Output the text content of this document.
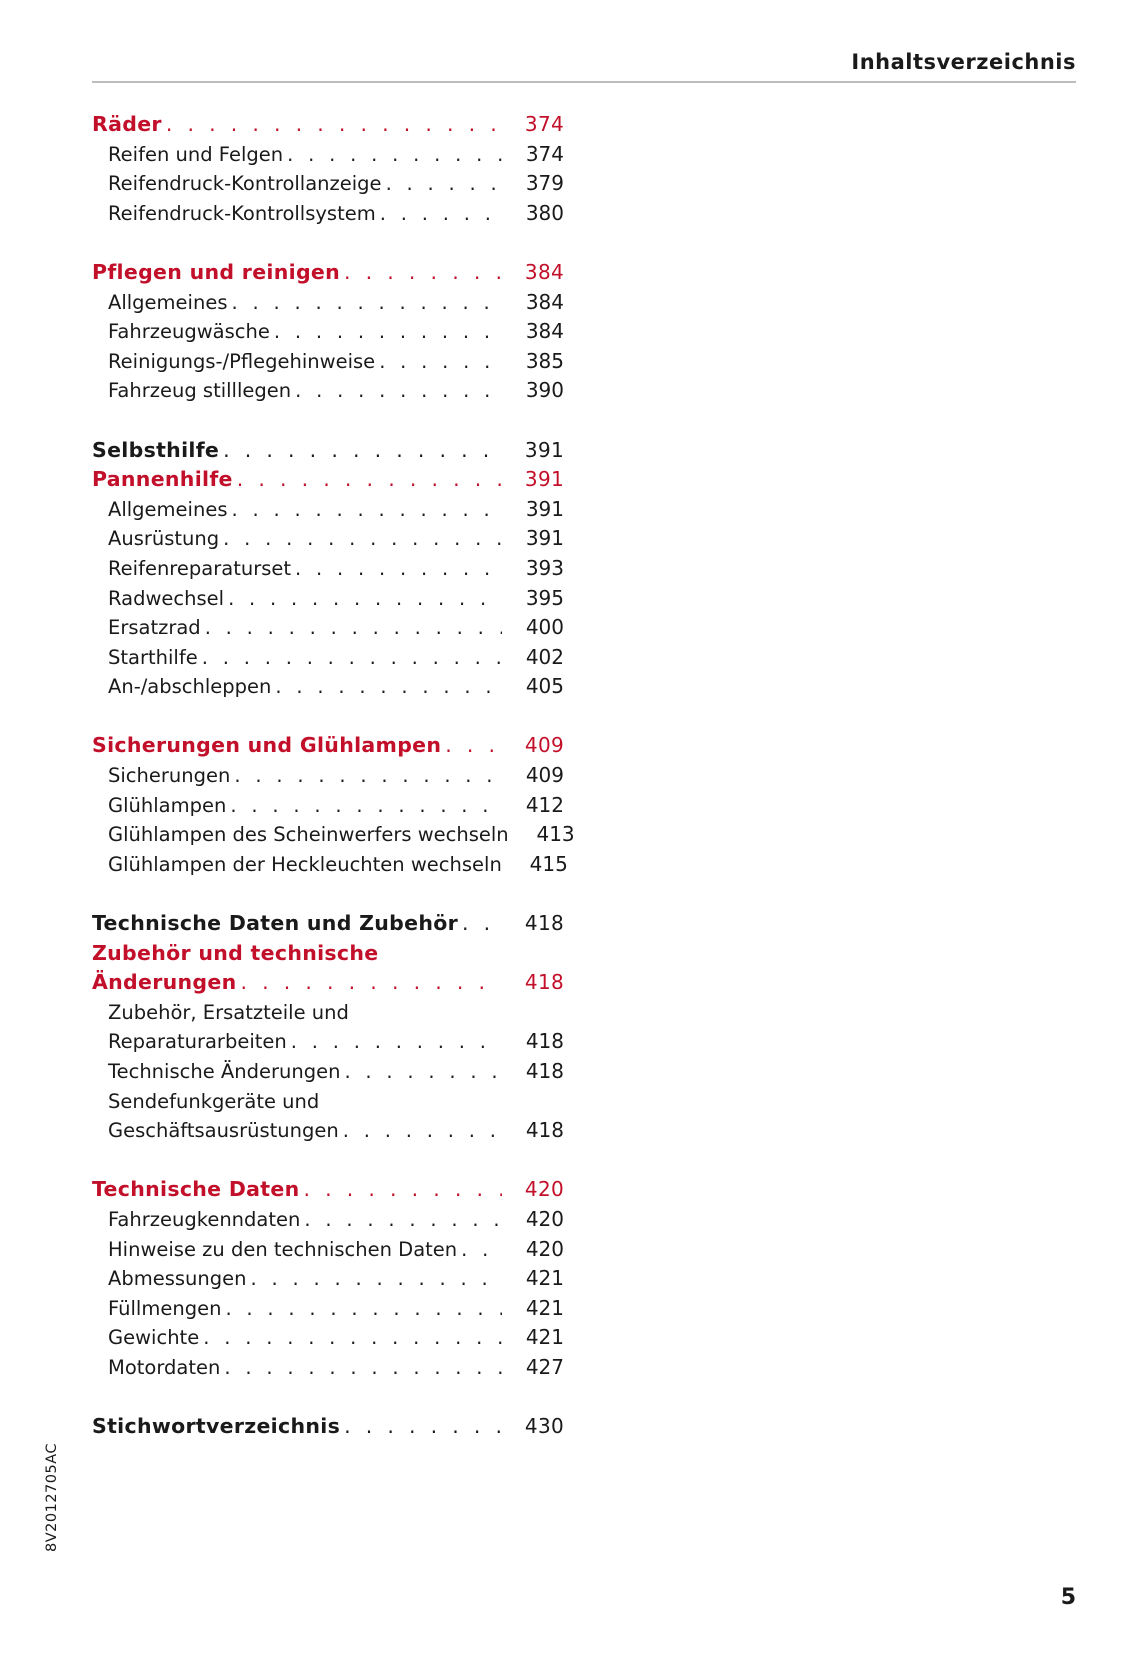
Inhaltsverzeichnis
Räder . . .	374
Reifen und Felgen . . .	374
Reifendruck-Kontrollanzeige . . .	379
Reifendruck-Kontrollsystem . . .	380
Pflegen und reinigen . . .	384
Allgemeines . . .	384
Fahrzeugwäsche . . .	384
Reinigungs-/Pflegehinweise . . .	385
Fahrzeug stilllegen . . .	390
Selbsthilfe . . .	391
Pannenhilfe . . .	391
Allgemeines . . .	391
Ausrüstung . . .	391
Reifenreparaturset . . .	393
Radwechsel . . .	395
Ersatzrad . . .	400
Starthilfe . . .	402
An-/abschleppen . . .	405
Sicherungen und Glühlampen . . .	409
Sicherungen . . .	409
Glühlampen . . .	412
Glühlampen des Scheinwerfers wechseln	413
Glühlampen der Heckleuchten wechseln	415
Technische Daten und Zubehör . . .	418
Zubehör und technische
Änderungen . . .	418
Zubehör, Ersatzteile und
Reparaturarbeiten . . .	418
Technische Änderungen . . .	418
Sendefunkgeräte und
Geschäftsausrüstungen . . .	418
Technische Daten . . .	420
Fahrzeugkenndaten . . .	420
Hinweise zu den technischen Daten . . .	420
Abmessungen . . .	421
Füllmengen . . .	421
Gewichte . . .	421
Motordaten . . .	427
Stichwortverzeichnis . . .	430
8V2012705AC
5
